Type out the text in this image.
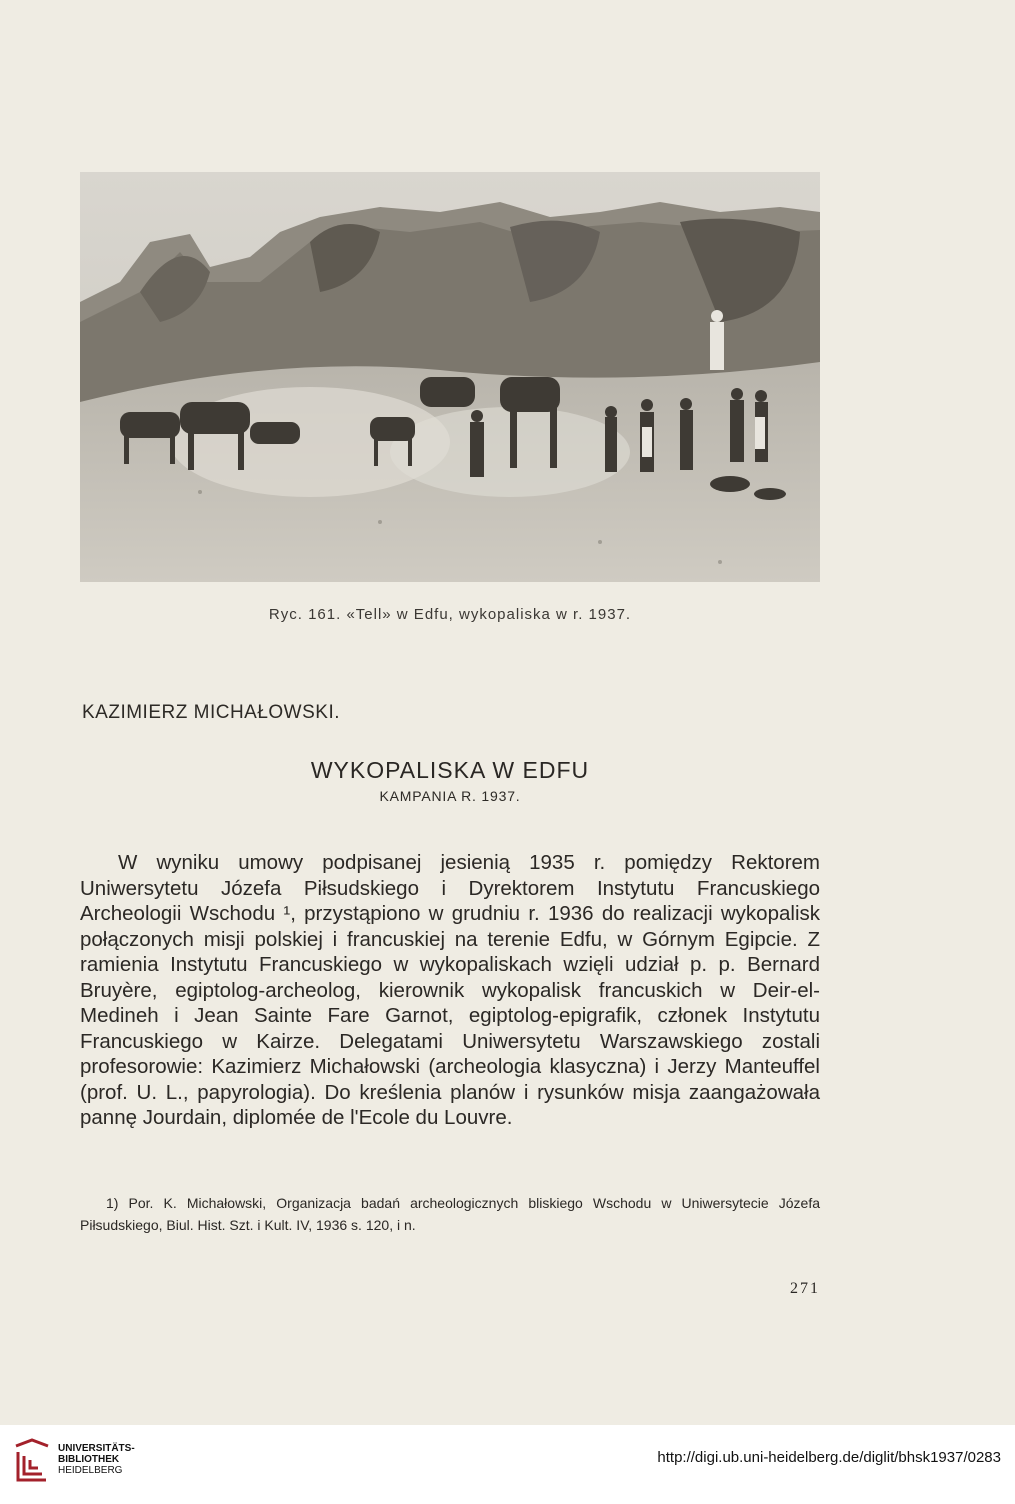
Ryc. 161. «Tell» w Edfu, wykopaliska w r. 1937.
KAZIMIERZ MICHAŁOWSKI.
WYKOPALISKA W EDFU
KAMPANIA R. 1937.

W wyniku umowy podpisanej jesienią 1935 r. pomiędzy Rektorem Uniwersytetu Józefa Piłsudskiego i Dyrektorem Instytutu Francuskiego Archeologii Wschodu ¹, przystąpiono w grudniu r. 1936 do realizacji wykopalisk połączonych misji polskiej i francuskiej na terenie Edfu, w Górnym Egipcie. Z ramienia Instytutu Francuskiego w wykopaliskach wzięli udział p. p. Bernard Bruyère, egiptolog-archeolog, kierownik wykopalisk francuskich w Deir-el-Medineh i Jean Sainte Fare Garnot, egiptolog-epigrafik, członek Instytutu Francuskiego w Kairze. Delegatami Uniwersytetu Warszawskiego zostali profesorowie: Kazimierz Michałowski (archeologia klasyczna) i Jerzy Manteuffel (prof. U. L., papyrologia). Do kreślenia planów i rysunków misja zaangażowała pannę Jourdain, diplomée de l'Ecole du Louvre.

1) Por. K. Michałowski, Organizacja badań archeologicznych bliskiego Wschodu w Uniwersytecie Józefa Piłsudskiego, Biul. Hist. Szt. i Kult. IV, 1936 s. 120, i n.

271
UNIVERSITÄTS-
BIBLIOTHEK
HEIDELBERG
http://digi.ub.uni-heidelberg.de/diglit/bhsk1937/0283
